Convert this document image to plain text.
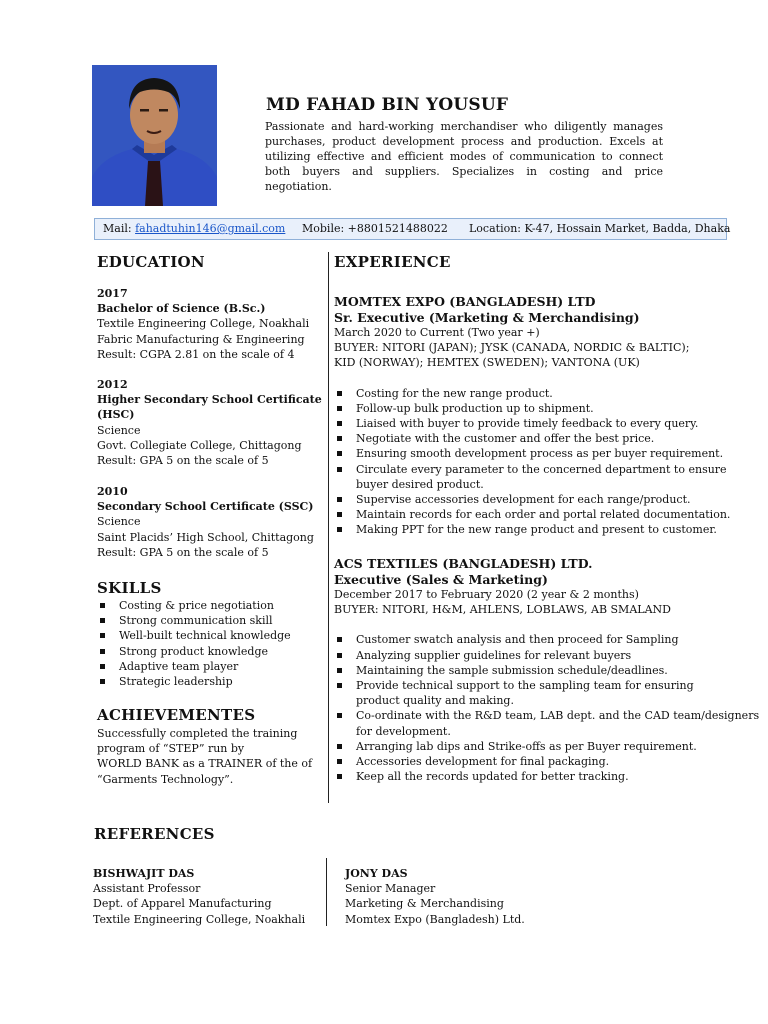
MD FAHAD BIN YOUSUF
Passionate and hard-working merchandiser who diligently manages purchases, product development process and production. Excels at utilizing effective and efficient modes of communication to connect both buyers and suppliers. Specializes in costing and price negotiation.
Mail: fahadtuhin146@gmail.com Mobile: +8801521488022 Location: K-47, Hossain Market, Badda, Dhaka
EDUCATION
2017
Bachelor of Science (B.Sc.)
Textile Engineering College, Noakhali
Fabric Manufacturing & Engineering
Result: CGPA 2.81 on the scale of 4
2012
Higher Secondary School Certificate
(HSC)
Science
Govt. Collegiate College, Chittagong
Result: GPA 5 on the scale of 5
2010
Secondary School Certificate (SSC)
Science
Saint Placids’ High School, Chittagong
Result: GPA 5 on the scale of 5
SKILLS
Costing & price negotiation
Strong communication skill
Well-built technical knowledge
Strong product knowledge
Adaptive team player
Strategic leadership
ACHIEVEMENTES
Successfully completed the training
program of “STEP” run by
WORLD BANK as a TRAINER of the of
“Garments Technology”.
EXPERIENCE
MOMTEX EXPO (BANGLADESH) LTD
Sr. Executive (Marketing & Merchandising)
March 2020 to Current (Two year +)
BUYER: NITORI (JAPAN); JYSK (CANADA, NORDIC & BALTIC);
KID (NORWAY); HEMTEX (SWEDEN); VANTONA (UK)
Costing for the new range product.
Follow-up bulk production up to shipment.
Liaised with buyer to provide timely feedback to every query.
Negotiate with the customer and offer the best price.
Ensuring smooth development process as per buyer requirement.
Circulate every parameter to the concerned department to ensure
buyer desired product.
Supervise accessories development for each range/product.
Maintain records for each order and portal related documentation.
Making PPT for the new range product and present to customer.
ACS TEXTILES (BANGLADESH) LTD.
Executive (Sales & Marketing)
December 2017 to February 2020 (2 year & 2 months)
BUYER: NITORI, H&M, AHLENS, LOBLAWS, AB SMALAND
Customer swatch analysis and then proceed for Sampling
Analyzing supplier guidelines for relevant buyers
Maintaining the sample submission schedule/deadlines.
Provide technical support to the sampling team for ensuring
product quality and making.
Co-ordinate with the R&D team, LAB dept. and the CAD team/designers
for development.
Arranging lab dips and Strike-offs as per Buyer requirement.
Accessories development for final packaging.
Keep all the records updated for better tracking.
REFERENCES
BISHWAJIT DAS
Assistant Professor
Dept. of Apparel Manufacturing
Textile Engineering College, Noakhali
JONY DAS
Senior Manager
Marketing & Merchandising
Momtex Expo (Bangladesh) Ltd.
